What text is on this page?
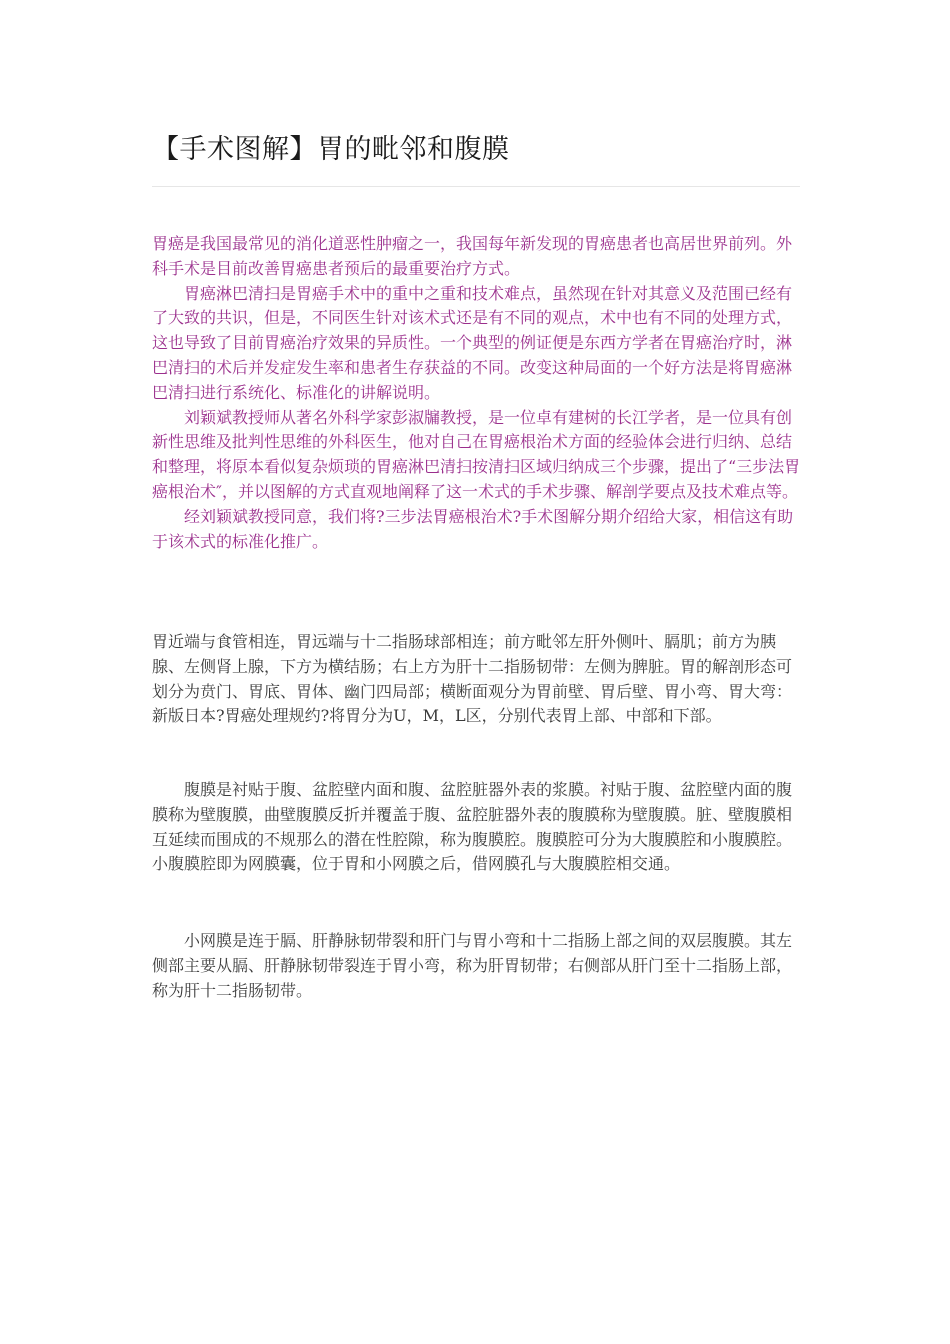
【手术图解】胃的毗邻和腹膜

胃癌是我国最常见的消化道恶性肿瘤之一，我国每年新发现的胃癌患者也高居世界前列。外科手术是目前改善胃癌患者预后的最重要治疗方式。

胃癌淋巴清扫是胃癌手术中的重中之重和技术难点，虽然现在针对其意义及范围已经有了大致的共识，但是，不同医生针对该术式还是有不同的观点，术中也有不同的处理方式，这也导致了目前胃癌治疗效果的异质性。一个典型的例证便是东西方学者在胃癌治疗时，淋巴清扫的术后并发症发生率和患者生存获益的不同。改变这种局面的一个好方法是将胃癌淋巴清扫进行系统化、标准化的讲解说明。

刘颖斌教授师从著名外科学家彭淑牖教授，是一位卓有建树的长江学者，是一位具有创新性思维及批判性思维的外科医生，他对自己在胃癌根治术方面的经验体会进行归纳、总结和整理，将原本看似复杂烦琐的胃癌淋巴清扫按清扫区域归纳成三个步骤，提出了“三步法胃癌根治术″，并以图解的方式直观地阐释了这一术式的手术步骤、解剖学要点及技术难点等。

经刘颖斌教授同意，我们将?三步法胃癌根治术?手术图解分期介绍给大家，相信这有助于该术式的标准化推广。

胃近端与食管相连，胃远端与十二指肠球部相连；前方毗邻左肝外侧叶、膈肌；前方为胰腺、左侧肾上腺，下方为横结肠；右上方为肝十二指肠韧带：左侧为脾脏。胃的解剖形态可划分为贲门、胃底、胃体、幽门四局部；横断面观分为胃前壁、胃后壁、胃小弯、胃大弯：新版日本?胃癌处理规约?将胃分为U，M，L区，分别代表胃上部、中部和下部。

腹膜是衬贴于腹、盆腔壁内面和腹、盆腔脏器外表的浆膜。衬贴于腹、盆腔壁内面的腹膜称为壁腹膜，曲壁腹膜反折并覆盖于腹、盆腔脏器外表的腹膜称为壁腹膜。脏、壁腹膜相互延续而围成的不规那么的潜在性腔隙，称为腹膜腔。腹膜腔可分为大腹膜腔和小腹膜腔。小腹膜腔即为网膜囊，位于胃和小网膜之后，借网膜孔与大腹膜腔相交通。

小网膜是连于膈、肝静脉韧带裂和肝门与胃小弯和十二指肠上部之间的双层腹膜。其左侧部主要从膈、肝静脉韧带裂连于胃小弯，称为肝胃韧带；右侧部从肝门至十二指肠上部，称为肝十二指肠韧带。
